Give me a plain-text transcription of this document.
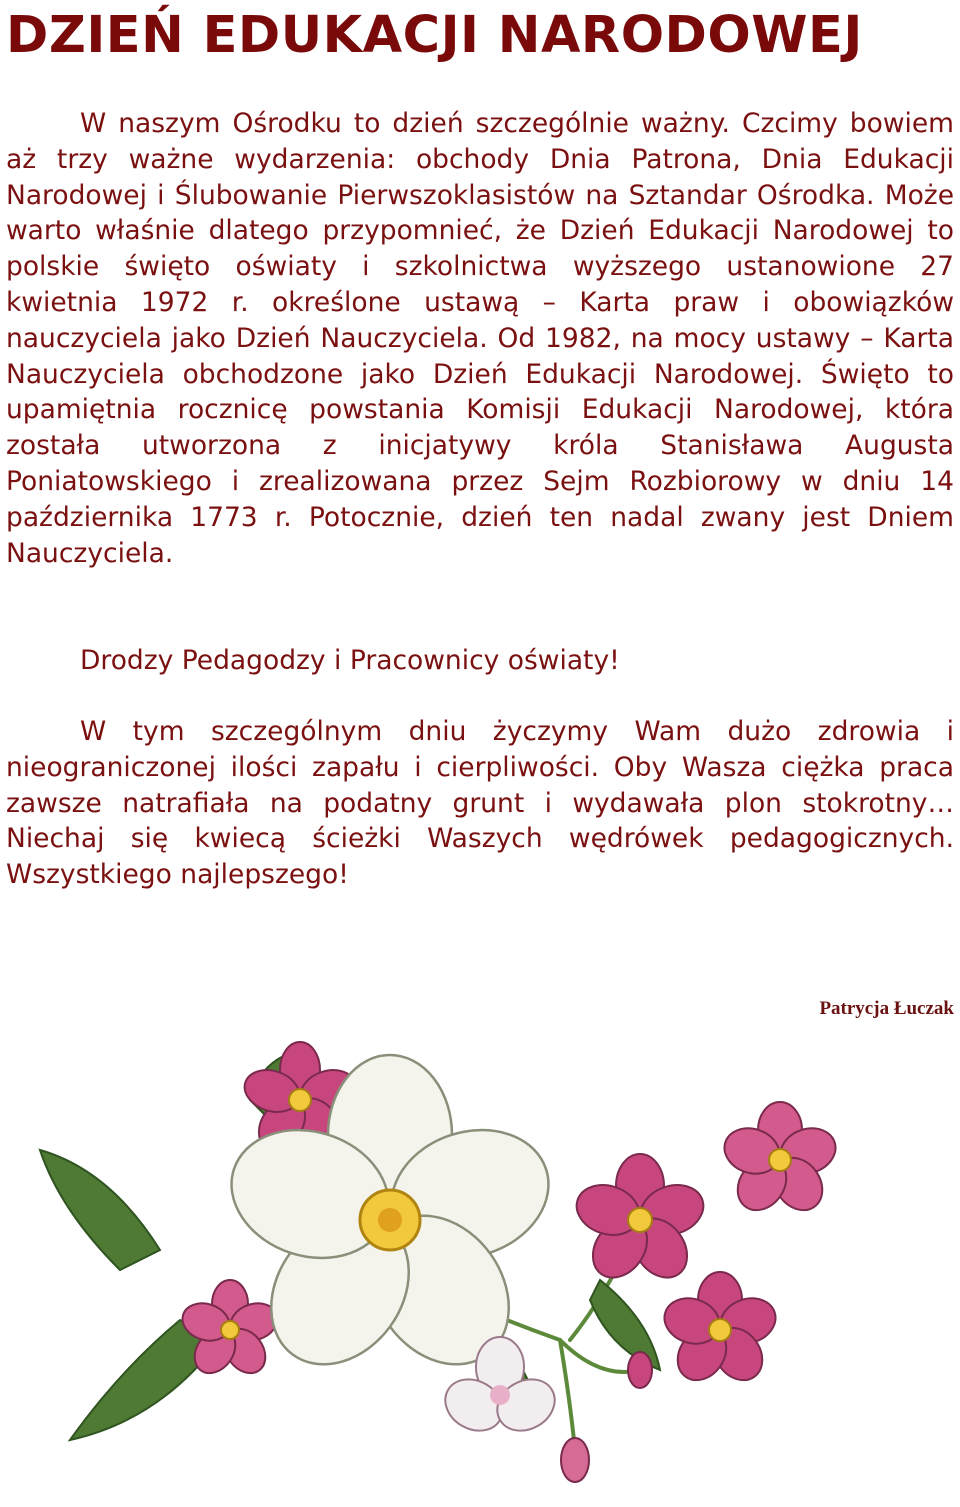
DZIEŃ EDUKACJI NARODOWEJ

W naszym Ośrodku to dzień szczególnie ważny. Czcimy bowiem aż trzy ważne wydarzenia: obchody Dnia Patrona, Dnia Edukacji Narodowej i Ślubowanie Pierwszoklasistów na Sztandar Ośrodka. Może warto właśnie dlatego przypomnieć, że Dzień Edukacji Narodowej to polskie święto oświaty i szkolnictwa wyższego ustanowione 27 kwietnia 1972 r. określone ustawą – Karta praw i obowiązków nauczyciela jako Dzień Nauczyciela. Od 1982, na mocy ustawy – Karta Nauczyciela obchodzone jako Dzień Edukacji Narodowej. Święto to upamiętnia rocznicę powstania Komisji Edukacji Narodowej, która została utworzona z inicjatywy króla Stanisława Augusta Poniatowskiego i zrealizowana przez Sejm Rozbiorowy w dniu 14 października 1773 r. Potocznie, dzień ten nadal zwany jest Dniem Nauczyciela.

Drodzy Pedagodzy i Pracownicy oświaty!

W tym szczególnym dniu życzymy Wam dużo zdrowia i nieograniczonej ilości zapału i cierpliwości. Oby Wasza ciężka praca zawsze natrafiała na podatny grunt i wydawała plon stokrotny… Niechaj się kwiecą ścieżki Waszych wędrówek pedagogicznych. Wszystkiego najlepszego!

Patrycja Łuczak
